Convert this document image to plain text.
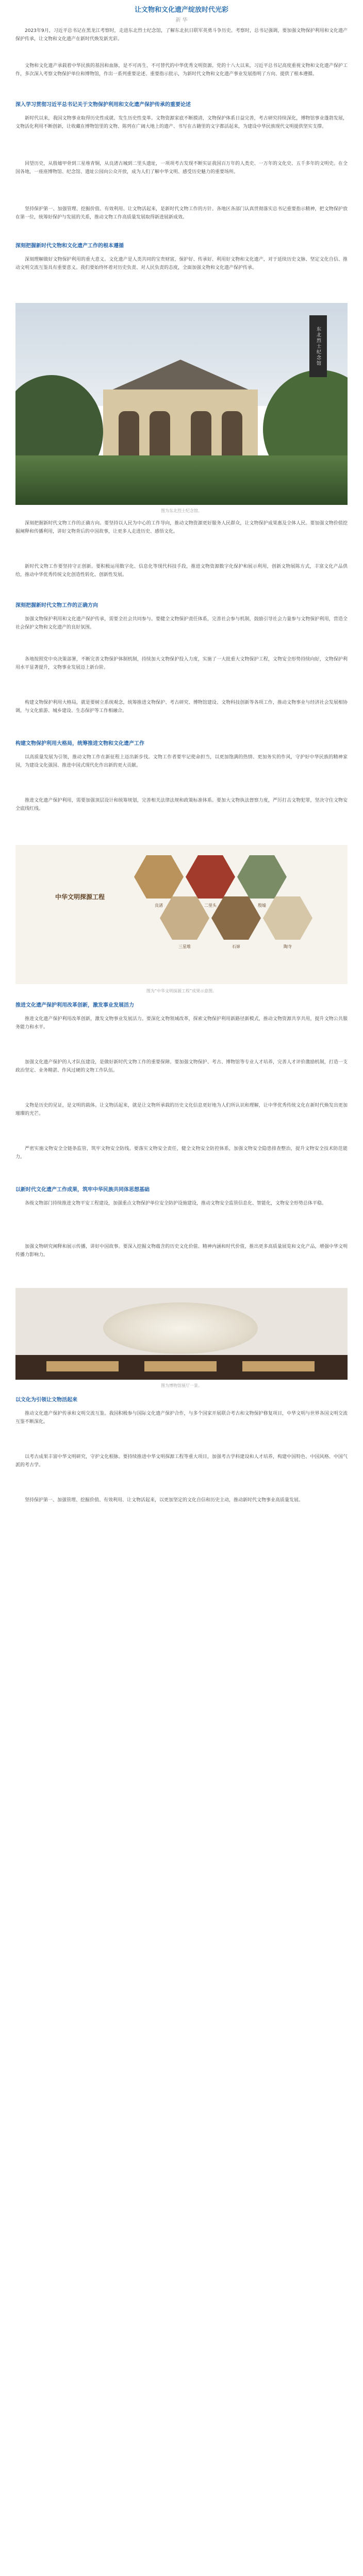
让文物和文化遗产绽放时代光彩
新 华

2023年9月，习近平总书记在黑龙江考察时，走进东北烈士纪念馆，了解东北抗日联军英勇斗争历史。考察时，总书记强调，要加强文物保护利用和文化遗产保护传承，让文物和文化遗产在新时代焕发新光彩。

文物和文化遗产承载着中华民族的基因和血脉，是不可再生、不可替代的中华优秀文明资源。党的十八大以来，习近平总书记高度重视文物和文化遗产保护工作，多次深入考察文物保护单位和博物馆，作出一系列重要论述、重要指示批示，为新时代文物和文化遗产事业发展指明了方向、提供了根本遵循。

深入学习贯彻习近平总书记关于文物保护利用和文化遗产保护传承的重要论述

新时代以来，我国文物事业取得历史性成就、发生历史性变革。文物资源家底不断摸清，文物保护体系日益完善，考古研究持续深化，博物馆事业蓬勃发展，文物活化利用不断创新，让收藏在博物馆里的文物、陈列在广阔大地上的遗产、书写在古籍里的文字都活起来，为建设中华民族现代文明提供坚实支撑。

回望历史，从殷墟甲骨到三星堆青铜，从良渚古城到二里头遗址，一项项考古发现不断实证我国百万年的人类史、一万年的文化史、五千多年的文明史。在全国各地，一座座博物馆、纪念馆、遗址公园向公众开放，成为人们了解中华文明、感受历史魅力的重要场所。

坚持保护第一、加强管理、挖掘价值、有效利用、让文物活起来，是新时代文物工作的方针。各地区各部门认真贯彻落实总书记重要指示精神，把文物保护放在第一位，统筹好保护与发展的关系，推动文物工作高质量发展取得新进展新成效。

深刻把握新时代文物和文化遗产工作的根本遵循

深刻理解做好文物保护利用的重大意义。文化遗产是人类共同的宝贵财富，保护好、传承好、利用好文物和文化遗产，对于延续历史文脉、坚定文化自信、推动文明交流互鉴具有重要意义。我们要始终怀着对历史负责、对人民负责的态度，全面加强文物和文化遗产保护传承。

东北烈士纪念馆

图为东北烈士纪念馆。

深刻把握新时代文物工作的正确方向。要坚持以人民为中心的工作导向，推动文物资源更好服务人民群众，让文物保护成果惠及全体人民。要加强文物价值挖掘阐释和传播利用，讲好文物背后的中国故事，让更多人走进历史、感悟文化。

新时代文物工作要坚持守正创新。要积极运用数字化、信息化等现代科技手段，推进文物资源数字化保护和展示利用，创新文物展陈方式，丰富文化产品供给，推动中华优秀传统文化创造性转化、创新性发展。

深刻把握新时代文物工作的正确方向

加强文物保护利用和文化遗产保护传承，需要全社会共同参与。要健全文物保护责任体系，完善社会参与机制，鼓励引导社会力量参与文物保护利用，营造全社会保护文物和文化遗产的良好氛围。

各地按照党中央决策部署，不断完善文物保护体制机制，持续加大文物保护投入力度，实施了一大批重大文物保护工程，文物安全形势持续向好，文物保护利用水平显著提升，文物事业发展迈上新台阶。

构建文物保护利用大格局，就是要树立系统观念，统筹推进文物保护、考古研究、博物馆建设、文物科技创新等各项工作，推动文物事业与经济社会发展相协调，与文化旅游、城乡建设、生态保护等工作相融合。

构建文物保护利用大格局，统筹推进文物和文化遗产工作

以高质量发展为引领，推动文物工作在新征程上迈出新步伐。文物工作者要牢记使命担当，以更加饱满的热情、更加务实的作风，守护好中华民族的精神家园，为建设文化强国、推进中国式现代化作出新的更大贡献。

推进文化遗产保护利用，需要加强顶层设计和统筹规划，完善相关法律法规和政策标准体系。要加大文物执法督察力度，严厉打击文物犯罪，坚决守住文物安全底线红线。

中华文明探源工程
良渚	二里头	殷墟
三星堆	石峁	陶寺

图为“中华文明探源工程”成果示意图。

推进文化遗产保护利用改革创新，激发事业发展活力

推进文化遗产保护利用改革创新，激发文物事业发展活力。要深化文物领域改革，探索文物保护利用新路径新模式，推动文物资源共享共用，提升文物公共服务能力和水平。

加强文化遗产保护的人才队伍建设，是做好新时代文物工作的重要保障。要加强文物保护、考古、博物馆等专业人才培养，完善人才评价激励机制，打造一支政治坚定、业务精湛、作风过硬的文物工作队伍。

文物是历史的见证，是文明的载体。让文物活起来，就是让文物所承载的历史文化信息更好地为人们所认识和理解，让中华优秀传统文化在新时代焕发出更加璀璨的光芒。

严密实施文物安全全链条监管，筑牢文物安全防线。要落实文物安全责任，健全文物安全防控体系，加强文物安全隐患排查整治，提升文物安全技术防范能力。

以新时代文化遗产工作成果，筑牢中华民族共同体思想基础

各级文物部门持续推进文物平安工程建设，加强重点文物保护单位安全防护设施建设，推动文物安全监管信息化、智能化，文物安全形势总体平稳。

加强文物研究阐释和展示传播，讲好中国故事。要深入挖掘文物蕴含的历史文化价值、精神内涵和时代价值，推出更多高质量展览和文化产品，增强中华文明传播力影响力。

图为博物馆展厅一景。

以文化为引领让文物活起来

推动文化遗产保护传承和文明交流互鉴。我国积极参与国际文化遗产保护合作，与多个国家开展联合考古和文物保护修复项目，中华文明与世界各国文明交流互鉴不断深化。

以考古成果丰富中华文明研究，守护文化根脉。要持续推进中华文明探源工程等重大项目，加强考古学科建设和人才培养，构建中国特色、中国风格、中国气派的考古学。

坚持保护第一、加强管理、挖掘价值、有效利用、让文物活起来，以更加坚定的文化自信和历史主动，推动新时代文物事业高质量发展。
